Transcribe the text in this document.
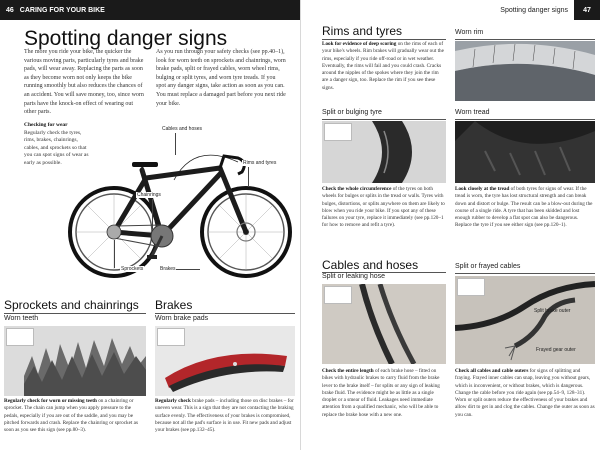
46 CARING FOR YOUR BIKE	Spotting danger signs	47
Spotting danger signs
The more you ride your bike, the quicker the various moving parts, particularly tyres and brake pads, will wear away. Replacing the parts as soon as they become worn not only keeps the bike running smoothly but also reduces the chances of an accident. You will save money, too, since worn parts have the knock-on effect of wearing out other parts.
As you run through your safety checks (see pp.40–1), look for worn teeth on sprockets and chainrings, worn brake pads, split or frayed cables, worn wheel rims, bulging or split tyres, and worn tyre treads. If you spot any danger signs, take action as soon as you can. You must replace a damaged part before you next ride your bike.
Checking for wear
Regularly check the tyres, rims, brakes, chainrings, cables, and sprockets so that you can spot signs of wear as early as possible.
TROSI
Cables and hoses
Rims and tyres
Chainrings
Sprockets	Brakes
Sprockets and chainrings
Worn teeth
Regularly check for worn or missing teeth on a chainring or sprocket. The chain can jump when you apply pressure to the pedals, especially if you are out of the saddle, and you may be pitched forwards and crash. Replace the chainring or sprocket as soon as you see this sign (see pp.80–3).
Brakes
Worn brake pads
Regularly check brake pads – including those on disc brakes – for uneven wear. This is a sign that they are not contacting the braking surface evenly. The effectiveness of your brakes is compromised, because not all the pad's surface is in use. Fit new pads and adjust your brakes (see pp.132–45).
Rims and tyres
Look for evidence of deep scoring on the rims of each of your bike's wheels. Rim brakes will gradually wear out the rims, especially if you ride off-road or in wet weather. Eventually, the rims will fail and you could crash. Cracks around the nipples of the spokes where they join the rim are a danger sign, too. Replace the rim if you see these signs.
Worn rim
Split or bulging tyre
Check the whole circumference of the tyres on both wheels for bulges or splits in the tread or walls. Tyres with bulges, distortions, or splits anywhere on them are likely to blow when you ride your bike. If you spot any of these failures on your tyre, replace it immediately (see pp.120–1 for how to remove and refit a tyre).
Worn tread
Look closely at the tread of both tyres for signs of wear. If the tread is worn, the tyre has lost structural strength and can break down and distort or bulge. The result can be a blow-out during the course of a single ride. A tyre that has been skidded and lost enough rubber to develop a flat spot can also be dangerous. Replace the tyre if you see either sign (see pp.120–1).
Cables and hoses
Split or leaking hose
Check the entire length of each brake hose – fitted on bikes with hydraulic brakes to carry fluid from the brake lever to the brake itself – for splits or any sign of leaking brake fluid. The evidence might be as little as a single droplet or a smear of fluid. Leakages need immediate attention from a qualified mechanic, who will be able to replace the brake hose with a new one.
Split or frayed cables
Split brake outer
Frayed gear outer
Check all cables and cable outers for signs of splitting and fraying. Frayed inner cables can snap, leaving you without gears, which is inconvenient, or without brakes, which is dangerous. Change the cable before you ride again (see pp.54–9, 128–31). Worn or split outers reduce the effectiveness of your brakes and allow dirt to get in and clog the cables. Change the outer as soon as you can.
